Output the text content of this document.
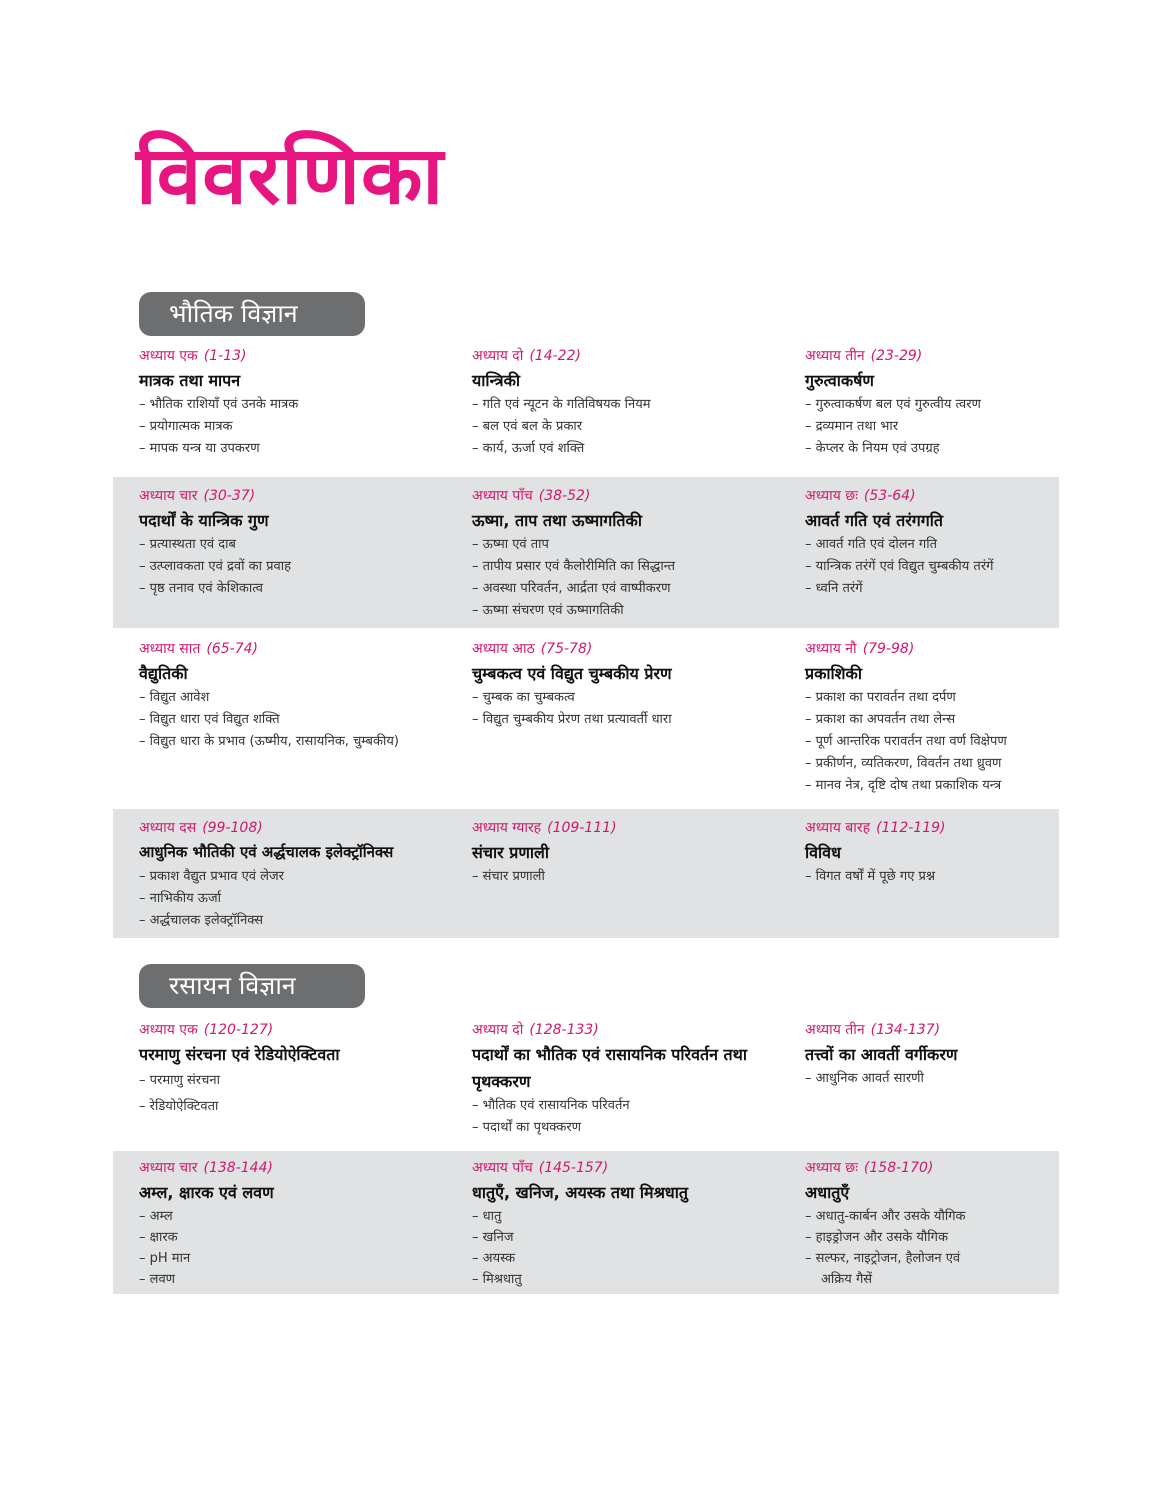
विवरणिका
भौतिक विज्ञान
अध्याय एक (1-13)
मात्रक तथा मापन
– भौतिक राशियाँ एवं उनके मात्रक
– प्रयोगात्मक मात्रक
– मापक यन्त्र या उपकरण
अध्याय दो (14-22)
यान्त्रिकी
– गति एवं न्यूटन के गतिविषयक नियम
– बल एवं बल के प्रकार
– कार्य, ऊर्जा एवं शक्ति
अध्याय तीन (23-29)
गुरुत्वाकर्षण
– गुरुत्वाकर्षण बल एवं गुरुत्वीय त्वरण
– द्रव्यमान तथा भार
– केप्लर के नियम एवं उपग्रह
अध्याय चार (30-37)
पदार्थों के यान्त्रिक गुण
– प्रत्यास्थता एवं दाब
– उत्प्लावकता एवं द्रवों का प्रवाह
– पृष्ठ तनाव एवं केशिकात्व
अध्याय पाँच (38-52)
ऊष्मा, ताप तथा ऊष्मागतिकी
– ऊष्मा एवं ताप
– तापीय प्रसार एवं कैलोरीमिति का सिद्धान्त
– अवस्था परिवर्तन, आर्द्रता एवं वाष्पीकरण
– ऊष्मा संचरण एवं ऊष्मागतिकी
अध्याय छः (53-64)
आवर्त गति एवं तरंगगति
– आवर्त गति एवं दोलन गति
– यान्त्रिक तरंगें एवं विद्युत चुम्बकीय तरंगें
– ध्वनि तरंगें
अध्याय सात (65-74)
वैद्युतिकी
– विद्युत आवेश
– विद्युत धारा एवं विद्युत शक्ति
– विद्युत धारा के प्रभाव (ऊष्मीय, रासायनिक, चुम्बकीय)
अध्याय आठ (75-78)
चुम्बकत्व एवं विद्युत चुम्बकीय प्रेरण
– चुम्बक का चुम्बकत्व
– विद्युत चुम्बकीय प्रेरण तथा प्रत्यावर्ती धारा
अध्याय नौ (79-98)
प्रकाशिकी
– प्रकाश का परावर्तन तथा दर्पण
– प्रकाश का अपवर्तन तथा लेन्स
– पूर्ण आन्तरिक परावर्तन तथा वर्ण विक्षेपण
– प्रकीर्णन, व्यतिकरण, विवर्तन तथा ध्रुवण
– मानव नेत्र, दृष्टि दोष तथा प्रकाशिक यन्त्र
अध्याय दस (99-108)
आधुनिक भौतिकी एवं अर्द्धचालक इलेक्ट्रॉनिक्स
– प्रकाश वैद्युत प्रभाव एवं लेजर
– नाभिकीय ऊर्जा
– अर्द्धचालक इलेक्ट्रॉनिक्स
अध्याय ग्यारह (109-111)
संचार प्रणाली
– संचार प्रणाली
अध्याय बारह (112-119)
विविध
– विगत वर्षों में पूछे गए प्रश्न
रसायन विज्ञान
अध्याय एक (120-127)
परमाणु संरचना एवं रेडियोऐक्टिवता
– परमाणु संरचना
– रेडियोऐक्टिवता
अध्याय दो (128-133)
पदार्थों का भौतिक एवं रासायनिक परिवर्तन तथा पृथक्करण
– भौतिक एवं रासायनिक परिवर्तन
– पदार्थों का पृथक्करण
अध्याय तीन (134-137)
तत्त्वों का आवर्ती वर्गीकरण
– आधुनिक आवर्त सारणी
अध्याय चार (138-144)
अम्ल, क्षारक एवं लवण
– अम्ल
– क्षारक
– pH मान
– लवण
अध्याय पाँच (145-157)
धातुएँ, खनिज, अयस्क तथा मिश्रधातु
– धातु
– खनिज
– अयस्क
– मिश्रधातु
अध्याय छः (158-170)
अधातुएँ
– अधातु-कार्बन और उसके यौगिक
– हाइड्रोजन और उसके यौगिक
– सल्फर, नाइट्रोजन, हैलोजन एवं
अक्रिय गैसें
